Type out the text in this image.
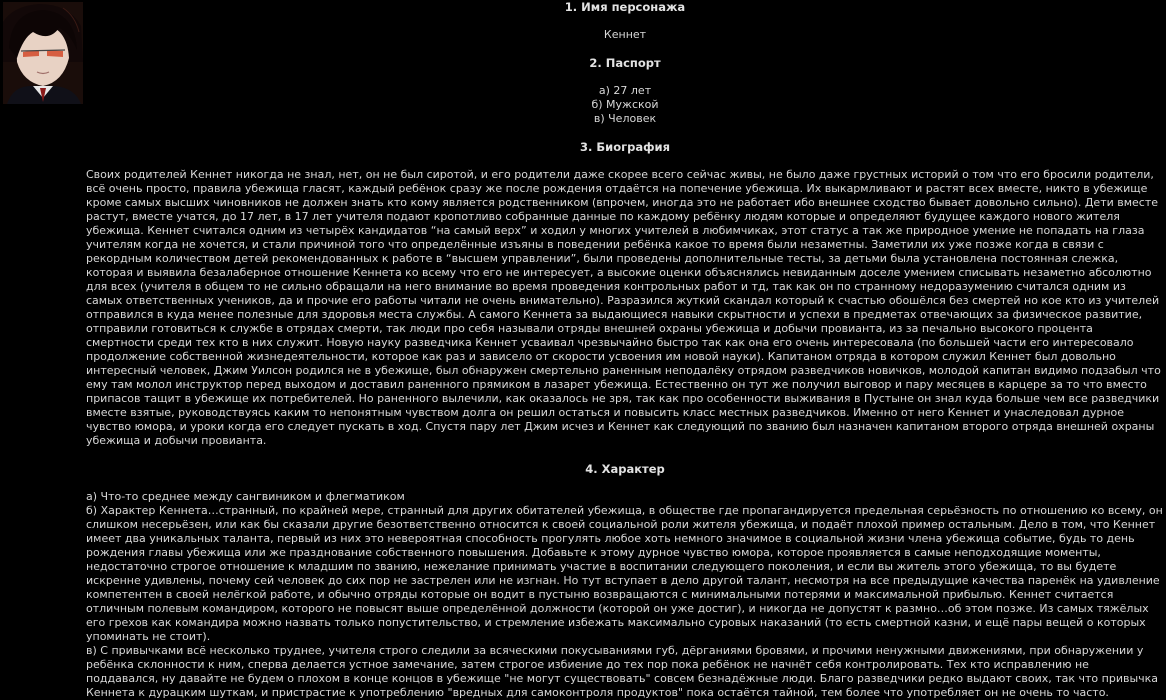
1. Имя персонажа

Кеннет

2. Паспорт

а) 27 лет

б) Мужской

в) Человек

3. Биография

Своих родителей Кеннет никогда не знал, нет, он не был сиротой, и его родители даже скорее всего сейчас живы, не было даже грустных историй о том что его бросили родители, всё очень просто, правила убежища гласят, каждый ребёнок сразу же после рождения отдаётся на попечение убежища. Их выкармливают и растят всех вместе, никто в убежище кроме самых высших чиновников не должен знать кто кому является родственником (впрочем, иногда это не работает ибо внешнее сходство бывает довольно сильно). Дети вместе растут, вместе учатся, до 17 лет, в 17 лет учителя подают кропотливо собранные данные по каждому ребёнку людям которые и определяют будущее каждого нового жителя убежища. Кеннет считался одним из четырёх кандидатов “на самый верх” и ходил у многих учителей в любимчиках, этот статус а так же природное умение не попадать на глаза учителям когда не хочется, и стали причиной того что определённые изъяны в поведении ребёнка какое то время были незаметны. Заметили их уже позже когда в связи с рекордным количеством детей рекомендованных к работе в “высшем управлении”, были проведены дополнительные тесты, за детьми была установлена постоянная слежка, которая и выявила безалаберное отношение Кеннета ко всему что его не интересует, а высокие оценки объяснялись невиданным доселе умением списывать незаметно абсолютно для всех (учителя в общем то не сильно обращали на него внимание во время проведения контрольных работ и тд, так как он по странному недоразумению считался одним из самых ответственных учеников, да и прочие его работы читали не очень внимательно). Разразился жуткий скандал который к счастью обошёлся без смертей но кое кто из учителей отправился в куда менее полезные для здоровья места службы. А самого Кеннета за выдающиеся навыки скрытности и успехи в предметах отвечающих за физическое развитие, отправили готовиться к службе в отрядах смерти, так люди про себя называли отряды внешней охраны убежища и добычи провианта, из за печально высокого процента смертности среди тех кто в них служит. Новую науку разведчика Кеннет усваивал чрезвычайно быстро так как она его очень интересовала (по большей части его интересовало продолжение собственной жизнедеятельности, которое как раз и зависело от скорости усвоения им новой науки). Капитаном отряда в котором служил Кеннет был довольно интересный человек, Джим Уилсон родился не в убежище, был обнаружен смертельно раненным неподалёку отрядом разведчиков новичков, молодой капитан видимо подзабыл что ему там молол инструктор перед выходом и доставил раненного прямиком в лазарет убежища. Естественно он тут же получил выговор и пару месяцев в карцере за то что вместо припасов тащит в убежище их потребителей. Но раненного вылечили, как оказалось не зря, так как про особенности выживания в Пустыне он знал куда больше чем все разведчики вместе взятые, руководствуясь каким то непонятным чувством долга он решил остаться и повысить класс местных разведчиков. Именно от него Кеннет и унаследовал дурное чувство юмора, и уроки когда его следует пускать в ход. Спустя пару лет Джим исчез и Кеннет как следующий по званию был назначен капитаном второго отряда внешней охраны убежища и добычи провианта.

4. Характер

а) Что-то среднее между сангвиником и флегматиком

б) Характер Кеннета…странный, по крайней мере, странный для других обитателей убежища, в обществе где пропагандируется предельная серьёзность по отношению ко всему, он слишком несерьёзен, или как бы сказали другие безответственно относится к своей социальной роли жителя убежища, и подаёт плохой пример остальным. Дело в том, что Кеннет имеет два уникальных таланта, первый из них это невероятная способность прогулять любое хоть немного значимое в социальной жизни члена убежища событие, будь то день рождения главы убежища или же празднование собственного повышения. Добавьте к этому дурное чувство юмора, которое проявляется в самые неподходящие моменты, недостаточно строгое отношение к младшим по званию, нежелание принимать участие в воспитании следующего поколения, и если вы житель этого убежища, то вы будете искренне удивлены, почему сей человек до сих пор не застрелен или не изгнан. Но тут вступает в дело другой талант, несмотря на все предыдущие качества паренёк на удивление компетентен в своей нелёгкой работе, и обычно отряды которые он водит в пустыню возвращаются с минимальными потерями и максимальной прибылью. Кеннет считается отличным полевым командиром, которого не повысят выше определённой должности (которой он уже достиг), и никогда не допустят к размно…об этом позже. Из самых тяжёлых его грехов как командира можно назвать только попустительство, и стремление избежать максимально суровых наказаний (то есть смертной казни, и ещё пары вещей о которых упоминать не стоит).

в) С привычками всё несколько труднее, учителя строго следили за всяческими покусываниями губ, дёрганиями бровями, и прочими ненужными движениями, при обнаружении у ребёнка склонности к ним, сперва делается устное замечание, затем строгое избиение до тех пор пока ребёнок не начнёт себя контролировать. Тех кто исправлению не поддавался, ну давайте не будем о плохом в конце концов в убежище "не могут существовать" совсем безнадёжные люди. Благо разведчики редко выдают своих, так что привычка Кеннета к дурацким шуткам, и пристрастие к употреблению "вредных для самоконтроля продуктов" пока остаётся тайной, тем более что употребляет он не очень то часто.
